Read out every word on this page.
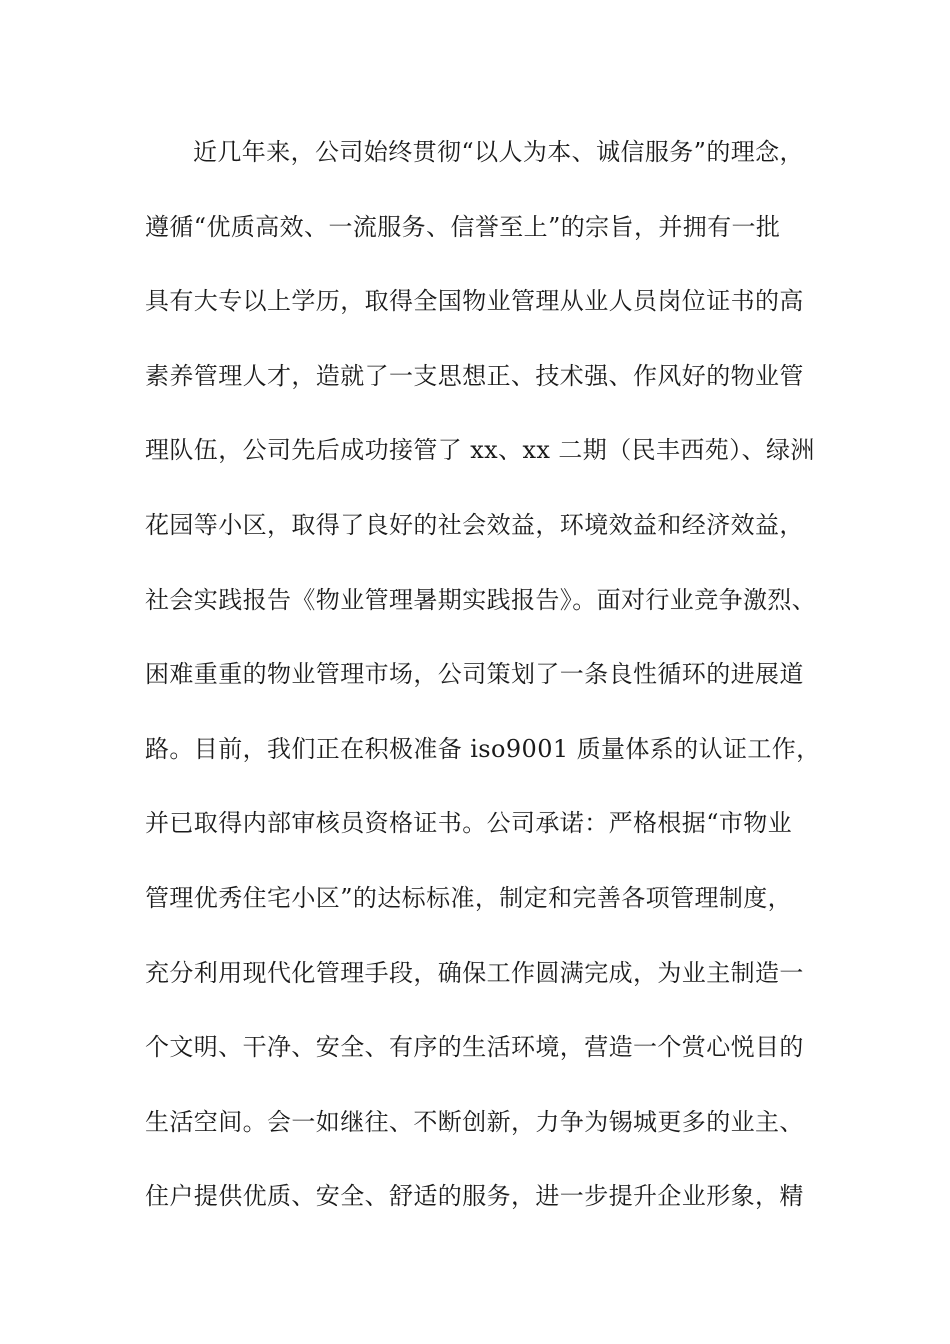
近几年来，公司始终贯彻“以人为本、诚信服务”的理念，

遵循“优质高效、一流服务、信誉至上”的宗旨，并拥有一批

具有大专以上学历，取得全国物业管理从业人员岗位证书的高

素养管理人才，造就了一支思想正、技术强、作风好的物业管

理队伍，公司先后成功接管了 xx、xx 二期（民丰西苑）、绿洲

花园等小区，取得了良好的社会效益，环境效益和经济效益，

社会实践报告《物业管理暑期实践报告》。面对行业竞争激烈、

困难重重的物业管理市场，公司策划了一条良性循环的进展道

路。目前，我们正在积极准备 iso9001 质量体系的认证工作，

并已取得内部审核员资格证书。公司承诺：严格根据“市物业

管理优秀住宅小区”的达标标准，制定和完善各项管理制度，

充分利用现代化管理手段，确保工作圆满完成，为业主制造一

个文明、干净、安全、有序的生活环境，营造一个赏心悦目的

生活空间。会一如继往、不断创新，力争为锡城更多的业主、

住户提供优质、安全、舒适的服务，进一步提升企业形象，精
